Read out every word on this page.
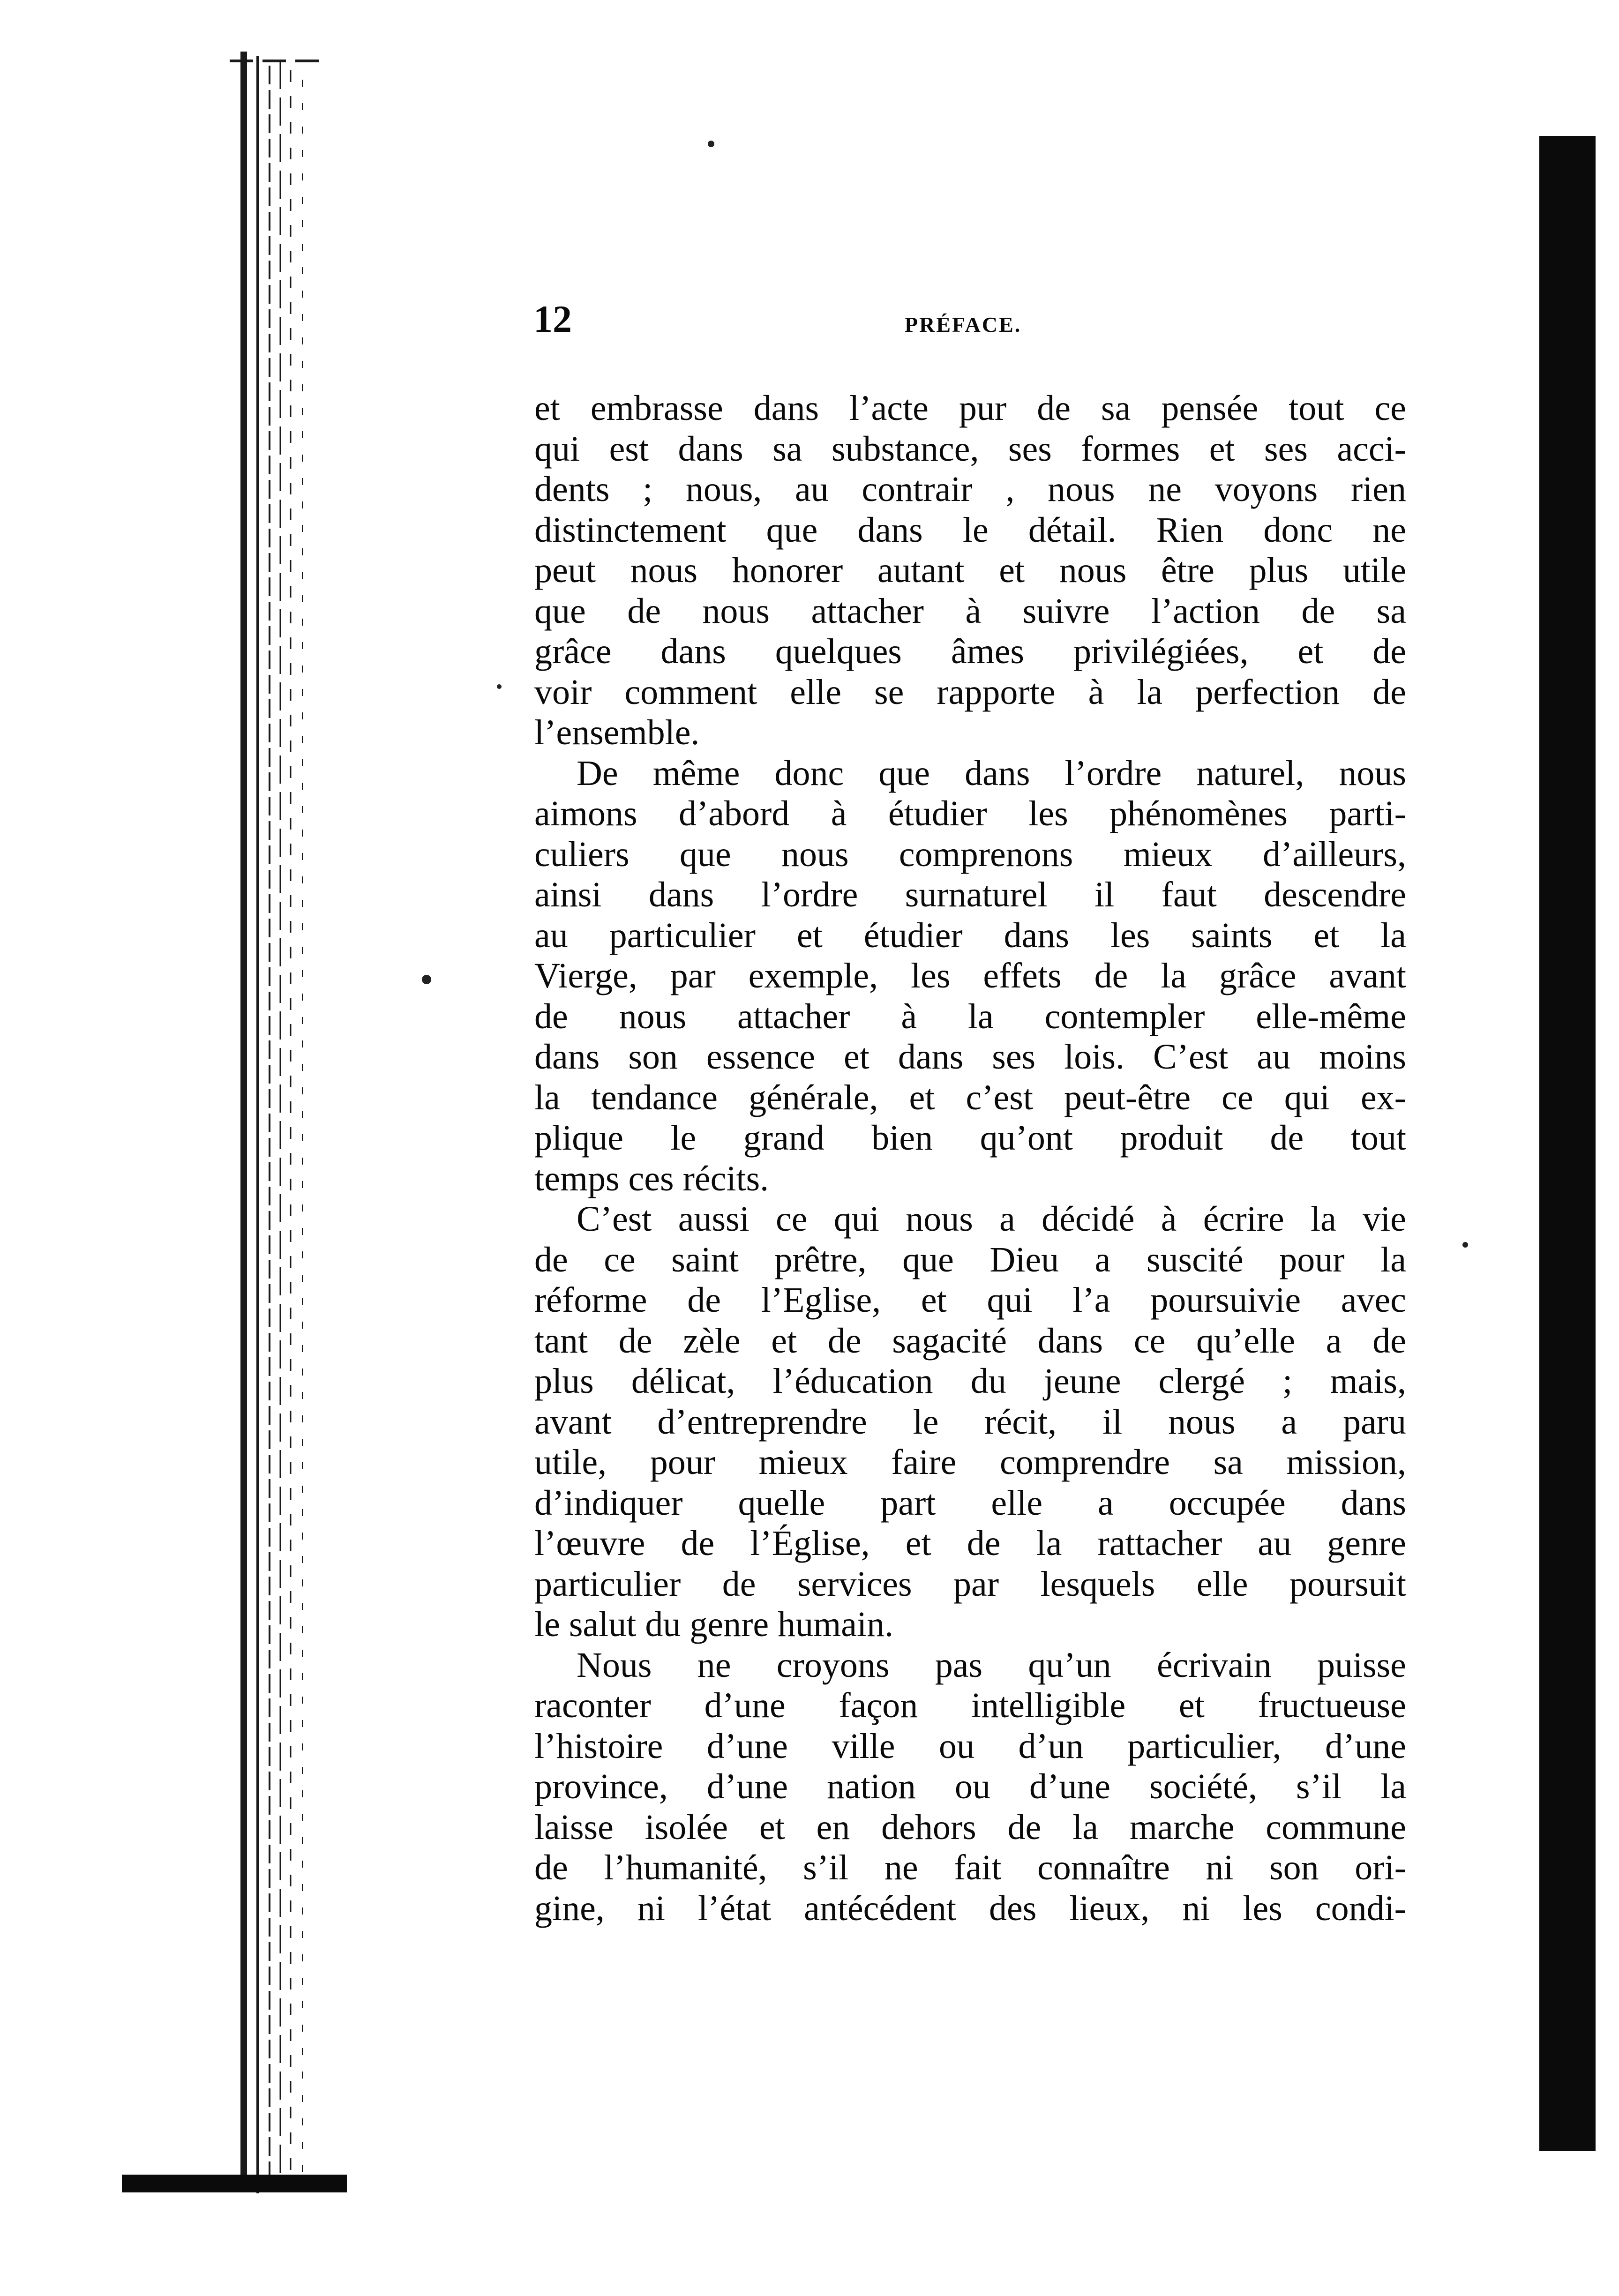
12	PRÉFACE.
et embrasse dans l’acte pur de sa pensée tout ce
qui est dans sa substance, ses formes et ses acci-
dents ; nous, au contrair , nous ne voyons rien
distinctement que dans le détail. Rien donc ne
peut nous honorer autant et nous être plus utile
que de nous attacher à suivre l’action de sa
grâce dans quelques âmes privilégiées, et de
voir comment elle se rapporte à la perfection de
l’ensemble.
De même donc que dans l’ordre naturel, nous
aimons d’abord à étudier les phénomènes parti-
culiers que nous comprenons mieux d’ailleurs,
ainsi dans l’ordre surnaturel il faut descendre
au particulier et étudier dans les saints et la
Vierge, par exemple, les effets de la grâce avant
de nous attacher à la contempler elle-même
dans son essence et dans ses lois. C’est au moins
la tendance générale, et c’est peut-être ce qui ex-
plique le grand bien qu’ont produit de tout
temps ces récits.
C’est aussi ce qui nous a décidé à écrire la vie
de ce saint prêtre, que Dieu a suscité pour la
réforme de l’Eglise, et qui l’a poursuivie avec
tant de zèle et de sagacité dans ce qu’elle a de
plus délicat, l’éducation du jeune clergé ; mais,
avant d’entreprendre le récit, il nous a paru
utile, pour mieux faire comprendre sa mission,
d’indiquer quelle part elle a occupée dans
l’œuvre de l’Église, et de la rattacher au genre
particulier de services par lesquels elle poursuit
le salut du genre humain.
Nous ne croyons pas qu’un écrivain puisse
raconter d’une façon intelligible et fructueuse
l’histoire d’une ville ou d’un particulier, d’une
province, d’une nation ou d’une société, s’il la
laisse isolée et en dehors de la marche commune
de l’humanité, s’il ne fait connaître ni son ori-
gine, ni l’état antécédent des lieux, ni les condi-
